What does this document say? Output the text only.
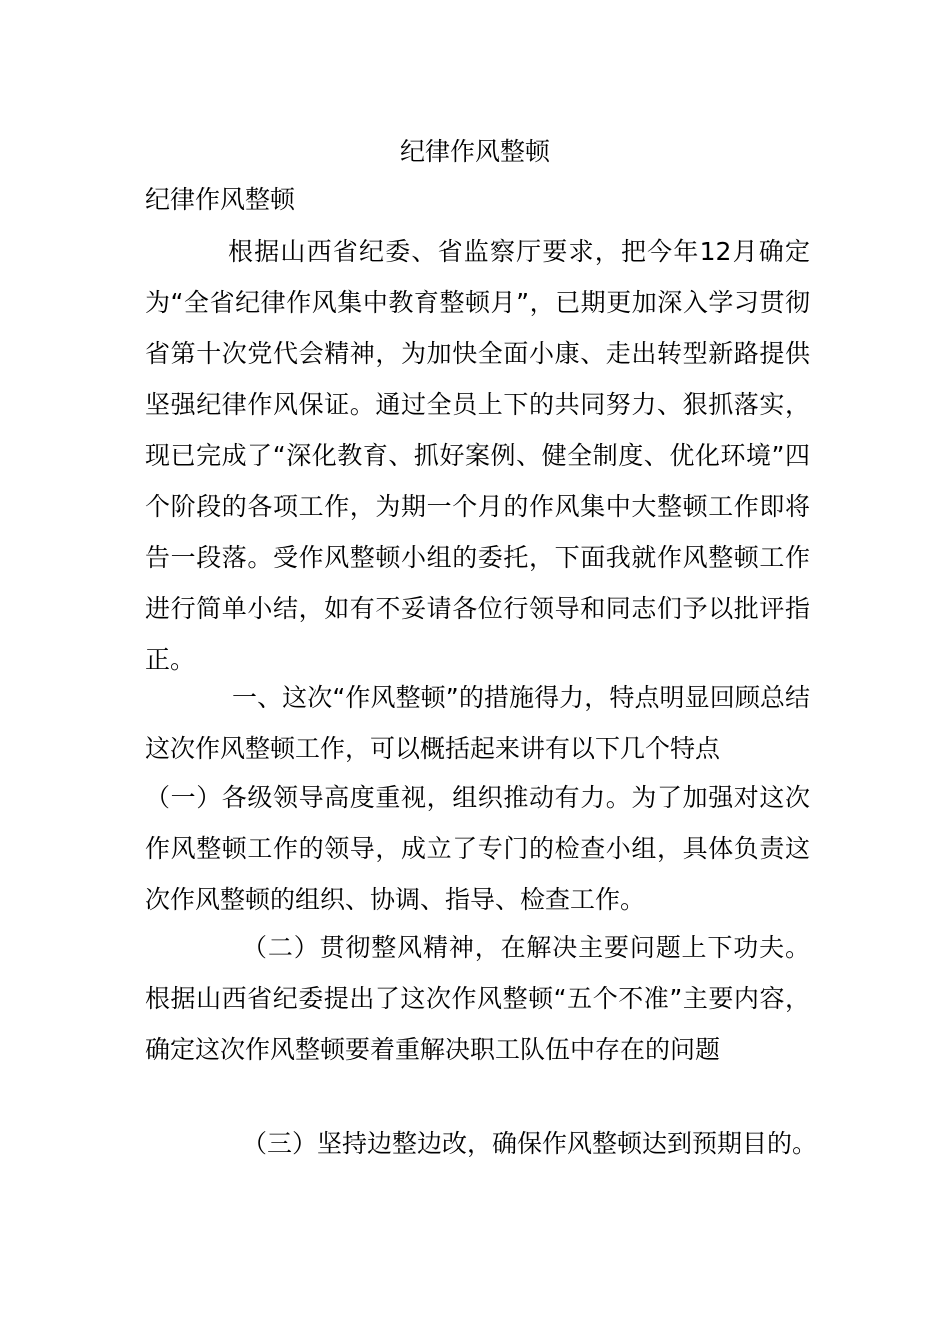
纪律作风整顿
纪律作风整顿

根据山西省纪委、省监察厅要求，把今年12月确定为“全省纪律作风集中教育整顿月”，已期更加深入学习贯彻省第十次党代会精神，为加快全面小康、走出转型新路提供坚强纪律作风保证。通过全员上下的共同努力、狠抓落实，现已完成了“深化教育、抓好案例、健全制度、优化环境”四个阶段的各项工作，为期一个月的作风集中大整顿工作即将告一段落。受作风整顿小组的委托，下面我就作风整顿工作进行简单小结，如有不妥请各位行领导和同志们予以批评指正。

一、这次“作风整顿”的措施得力，特点明显回顾总结这次作风整顿工作，可以概括起来讲有以下几个特点

（一）各级领导高度重视，组织推动有力。为了加强对这次作风整顿工作的领导，成立了专门的检查小组，具体负责这次作风整顿的组织、协调、指导、检查工作。

（二）贯彻整风精神，在解决主要问题上下功夫。根据山西省纪委提出了这次作风整顿“五个不准”主要内容，确定这次作风整顿要着重解决职工队伍中存在的问题

（三）坚持边整边改，确保作风整顿达到预期目的。
